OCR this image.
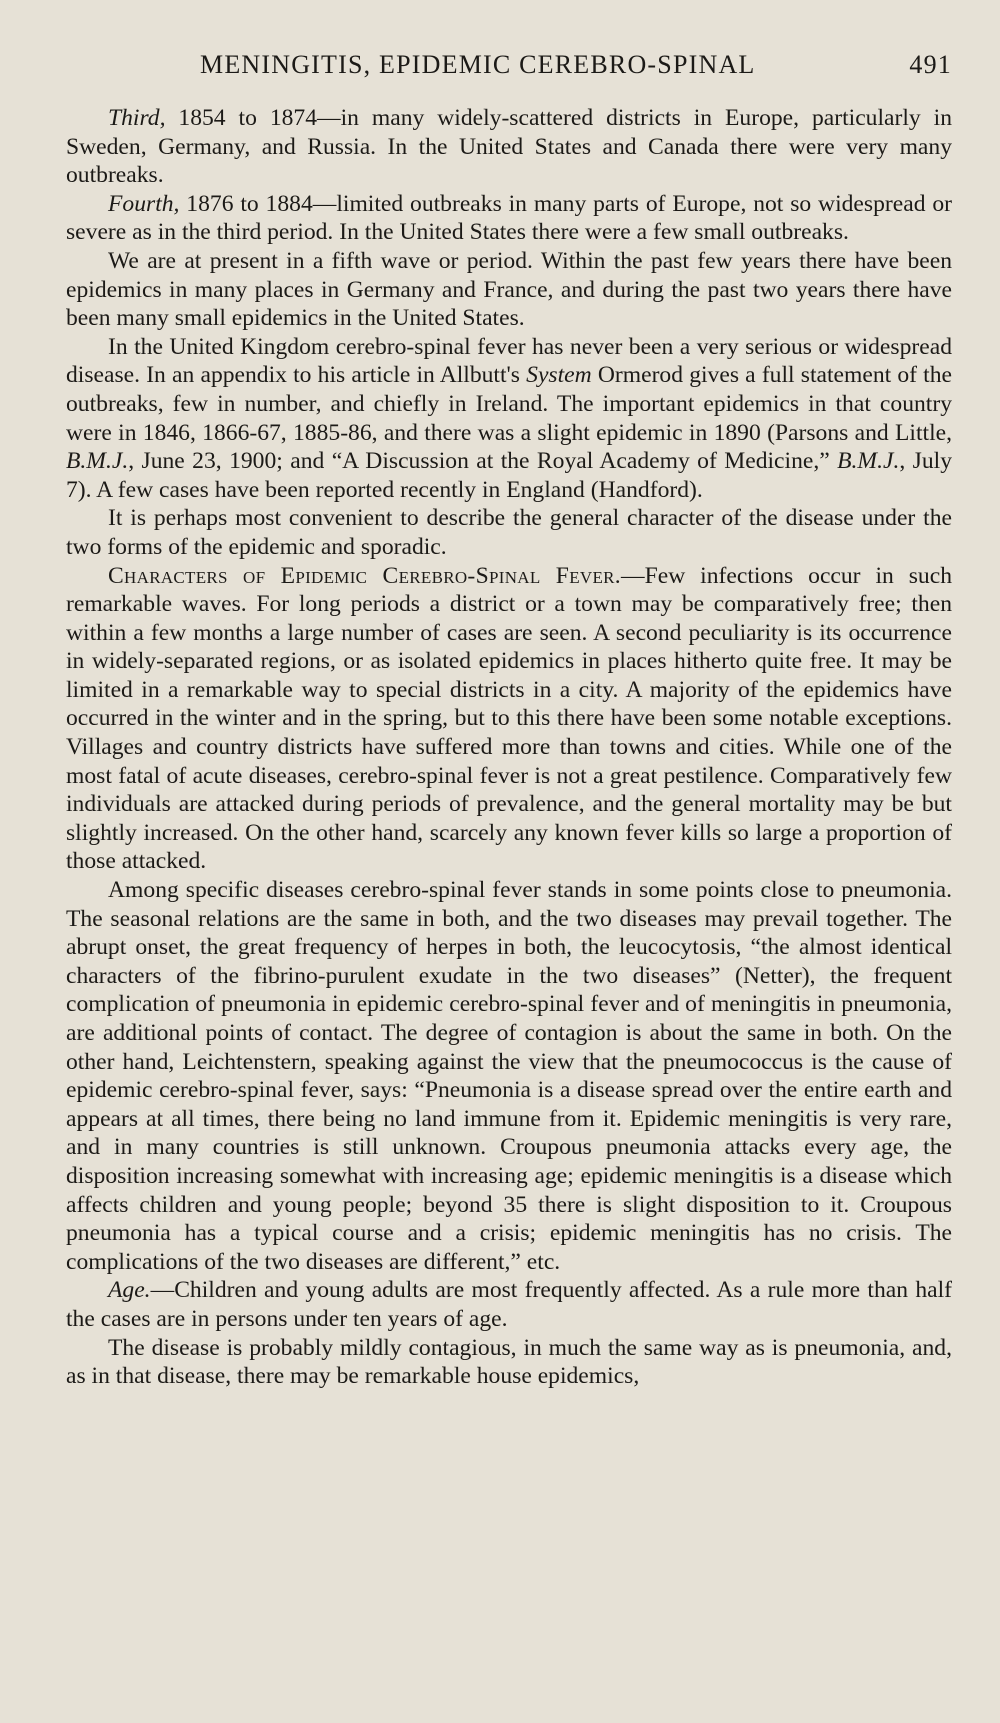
MENINGITIS, EPIDEMIC CEREBRO-SPINAL	491

Third, 1854 to 1874—in many widely-scattered districts in Europe, particularly in Sweden, Germany, and Russia. In the United States and Canada there were very many outbreaks.

Fourth, 1876 to 1884—limited outbreaks in many parts of Europe, not so widespread or severe as in the third period. In the United States there were a few small outbreaks.

We are at present in a fifth wave or period. Within the past few years there have been epidemics in many places in Germany and France, and during the past two years there have been many small epidemics in the United States.

In the United Kingdom cerebro-spinal fever has never been a very serious or widespread disease. In an appendix to his article in Allbutt's System Ormerod gives a full statement of the outbreaks, few in number, and chiefly in Ireland. The important epidemics in that country were in 1846, 1866-67, 1885-86, and there was a slight epidemic in 1890 (Parsons and Little, B.M.J., June 23, 1900; and “A Discussion at the Royal Academy of Medicine,” B.M.J., July 7). A few cases have been reported recently in England (Handford).

It is perhaps most convenient to describe the general character of the disease under the two forms of the epidemic and sporadic.

Characters of Epidemic Cerebro-Spinal Fever.—Few infections occur in such remarkable waves. For long periods a district or a town may be comparatively free; then within a few months a large number of cases are seen. A second peculiarity is its occurrence in widely-separated regions, or as isolated epidemics in places hitherto quite free. It may be limited in a remarkable way to special districts in a city. A majority of the epidemics have occurred in the winter and in the spring, but to this there have been some notable exceptions. Villages and country districts have suffered more than towns and cities. While one of the most fatal of acute diseases, cerebro-spinal fever is not a great pestilence. Comparatively few individuals are attacked during periods of prevalence, and the general mortality may be but slightly increased. On the other hand, scarcely any known fever kills so large a proportion of those attacked.

Among specific diseases cerebro-spinal fever stands in some points close to pneumonia. The seasonal relations are the same in both, and the two diseases may prevail together. The abrupt onset, the great frequency of herpes in both, the leucocytosis, “the almost identical characters of the fibrino-purulent exudate in the two diseases” (Netter), the frequent complication of pneumonia in epidemic cerebro-spinal fever and of meningitis in pneumonia, are additional points of contact. The degree of contagion is about the same in both. On the other hand, Leichtenstern, speaking against the view that the pneumococcus is the cause of epidemic cerebro-spinal fever, says: “Pneumonia is a disease spread over the entire earth and appears at all times, there being no land immune from it. Epidemic meningitis is very rare, and in many countries is still unknown. Croupous pneumonia attacks every age, the disposition increasing somewhat with increasing age; epidemic meningitis is a disease which affects children and young people; beyond 35 there is slight disposition to it. Croupous pneumonia has a typical course and a crisis; epidemic meningitis has no crisis. The complications of the two diseases are different,” etc.

Age.—Children and young adults are most frequently affected. As a rule more than half the cases are in persons under ten years of age.

The disease is probably mildly contagious, in much the same way as is pneumonia, and, as in that disease, there may be remarkable house epidemics,
